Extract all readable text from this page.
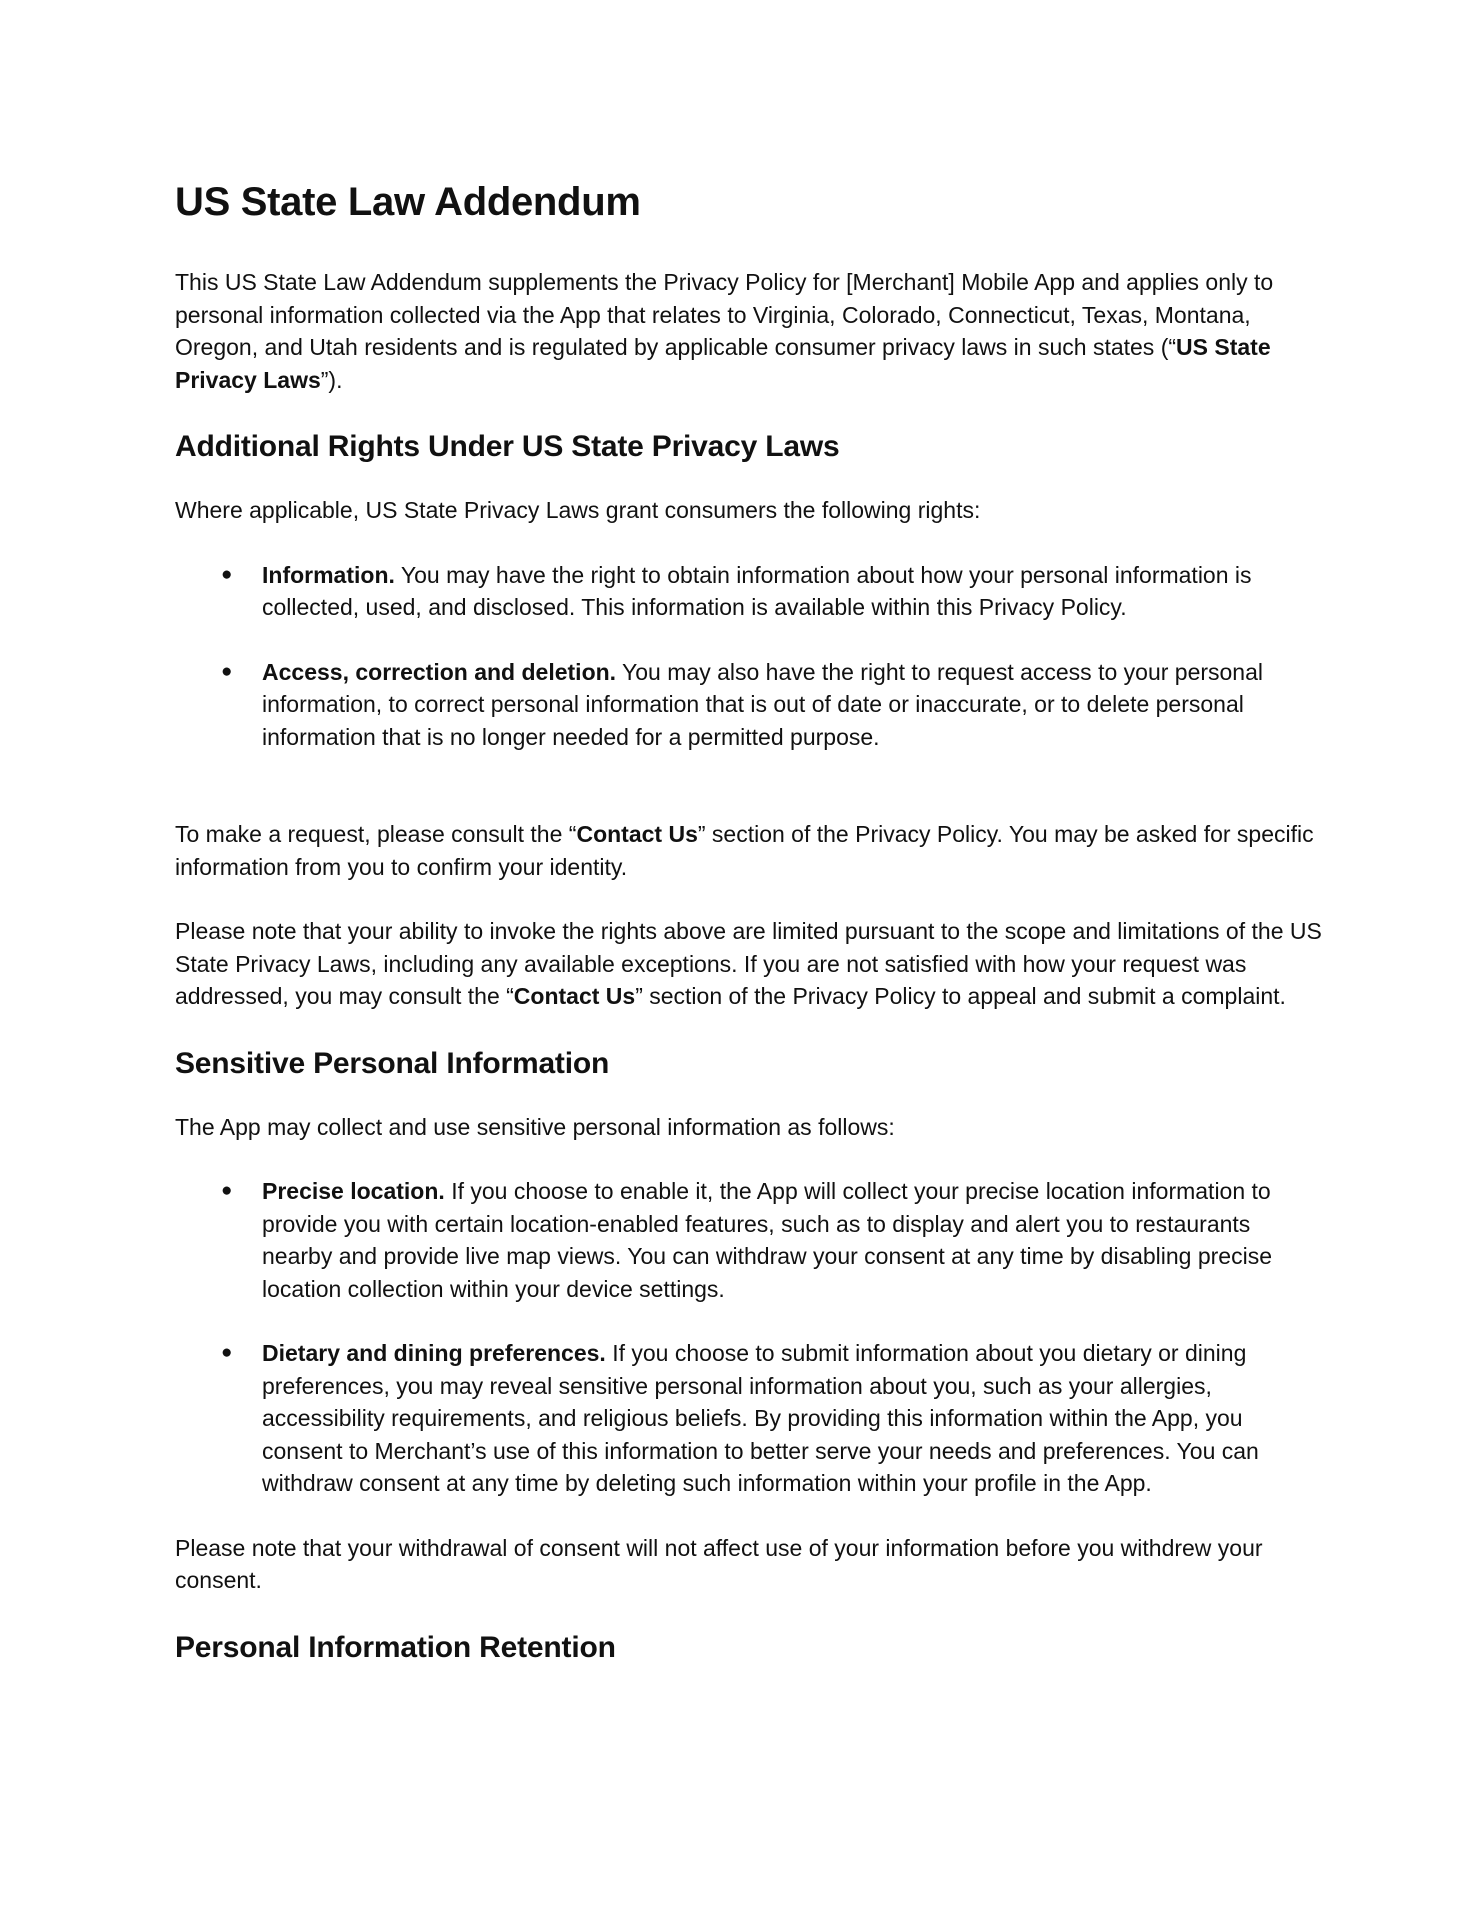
US State Law Addendum

This US State Law Addendum supplements the Privacy Policy for [Merchant] Mobile App and applies only to personal information collected via the App that relates to Virginia, Colorado, Connecticut, Texas, Montana, Oregon, and Utah residents and is regulated by applicable consumer privacy laws in such states (“US State Privacy Laws”).

Additional Rights Under US State Privacy Laws

Where applicable, US State Privacy Laws grant consumers the following rights:

● Information. You may have the right to obtain information about how your personal information is collected, used, and disclosed. This information is available within this Privacy Policy.
● Access, correction and deletion. You may also have the right to request access to your personal information, to correct personal information that is out of date or inaccurate, or to delete personal information that is no longer needed for a permitted purpose.

To make a request, please consult the “Contact Us” section of the Privacy Policy. You may be asked for specific information from you to confirm your identity.

Please note that your ability to invoke the rights above are limited pursuant to the scope and limitations of the US State Privacy Laws, including any available exceptions. If you are not satisfied with how your request was addressed, you may consult the “Contact Us” section of the Privacy Policy to appeal and submit a complaint.

Sensitive Personal Information

The App may collect and use sensitive personal information as follows:

● Precise location. If you choose to enable it, the App will collect your precise location information to provide you with certain location-enabled features, such as to display and alert you to restaurants nearby and provide live map views. You can withdraw your consent at any time by disabling precise location collection within your device settings.
● Dietary and dining preferences. If you choose to submit information about you dietary or dining preferences, you may reveal sensitive personal information about you, such as your allergies, accessibility requirements, and religious beliefs. By providing this information within the App, you consent to Merchant’s use of this information to better serve your needs and preferences. You can withdraw consent at any time by deleting such information within your profile in the App.

Please note that your withdrawal of consent will not affect use of your information before you withdrew your consent.

Personal Information Retention
